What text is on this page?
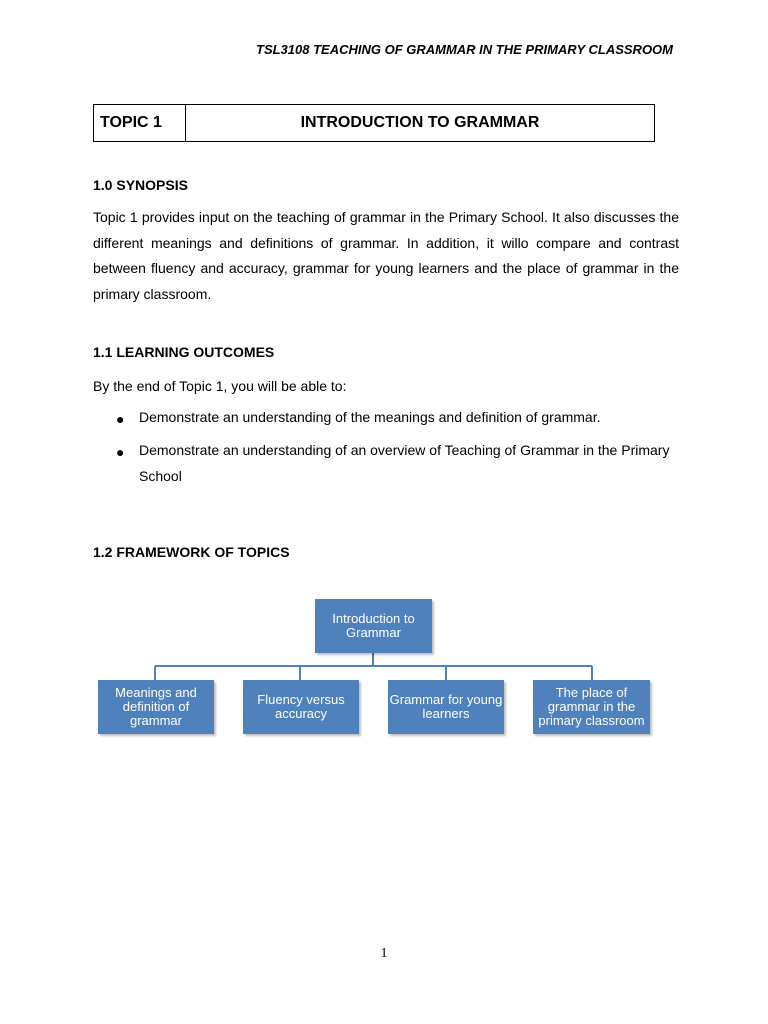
TSL3108 TEACHING OF GRAMMAR IN THE PRIMARY CLASSROOM
TOPIC 1	INTRODUCTION TO GRAMMAR
1.0 SYNOPSIS

Topic 1 provides input on the teaching of grammar in the Primary School. It also discusses the different meanings and definitions of grammar. In addition, it willo compare and contrast between fluency and accuracy, grammar for young learners and the place of grammar in the primary classroom.

1.1 LEARNING OUTCOMES
By the end of Topic 1, you will be able to:
● Demonstrate an understanding of the meanings and definition of grammar.
● Demonstrate an understanding of an overview of Teaching of Grammar in the Primary School
1.2 FRAMEWORK OF TOPICS
Introduction to Grammar
Meanings and definition of grammar
Fluency versus accuracy
Grammar for young learners
The place of grammar in the primary classroom
1
